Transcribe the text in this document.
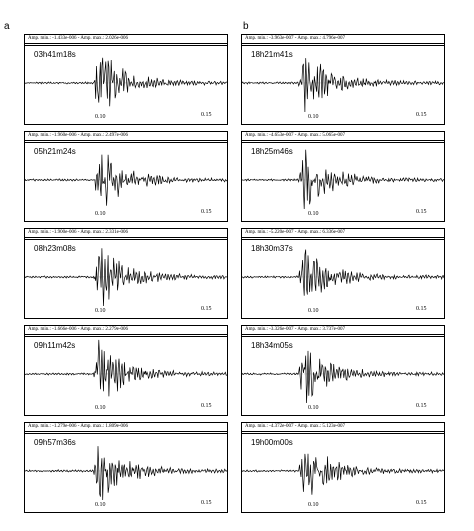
a
Amp. min.: -1.433e-006 - Amp. max.: 2.026e-006
03h41m18s
0.10	0.15
Amp. min.: -1.960e-006 - Amp. max.: 2.497e-006
05h21m24s
0.10	0.15
Amp. min.: -1.900e-006 - Amp. max.: 2.331e-006
08h23m08s
0.10	0.15
Amp. min.: -1.666e-006 - Amp. max.: 2.279e-006
09h11m42s
0.10	0.15
Amp. min.: -1.279e-006 - Amp. max.: 1.809e-006
09h57m36s
0.10	0.15
b
Amp. min.: -3.963e-007 - Amp. max.: 4.796e-007
18h21m41s
0.10	0.15
Amp. min.: -4.653e-007 - Amp. max.: 5.065e-007
18h25m46s
0.10	0.15
Amp. min.: -5.220e-007 - Amp. max.: 6.336e-007
18h30m37s
0.10	0.15
Amp. min.: -3.326e-007 - Amp. max.: 3.737e-007
18h34m05s
0.10	0.15
Amp. min.: -4.372e-007 - Amp. max.: 5.123e-007
19h00m00s
0.10	0.15
